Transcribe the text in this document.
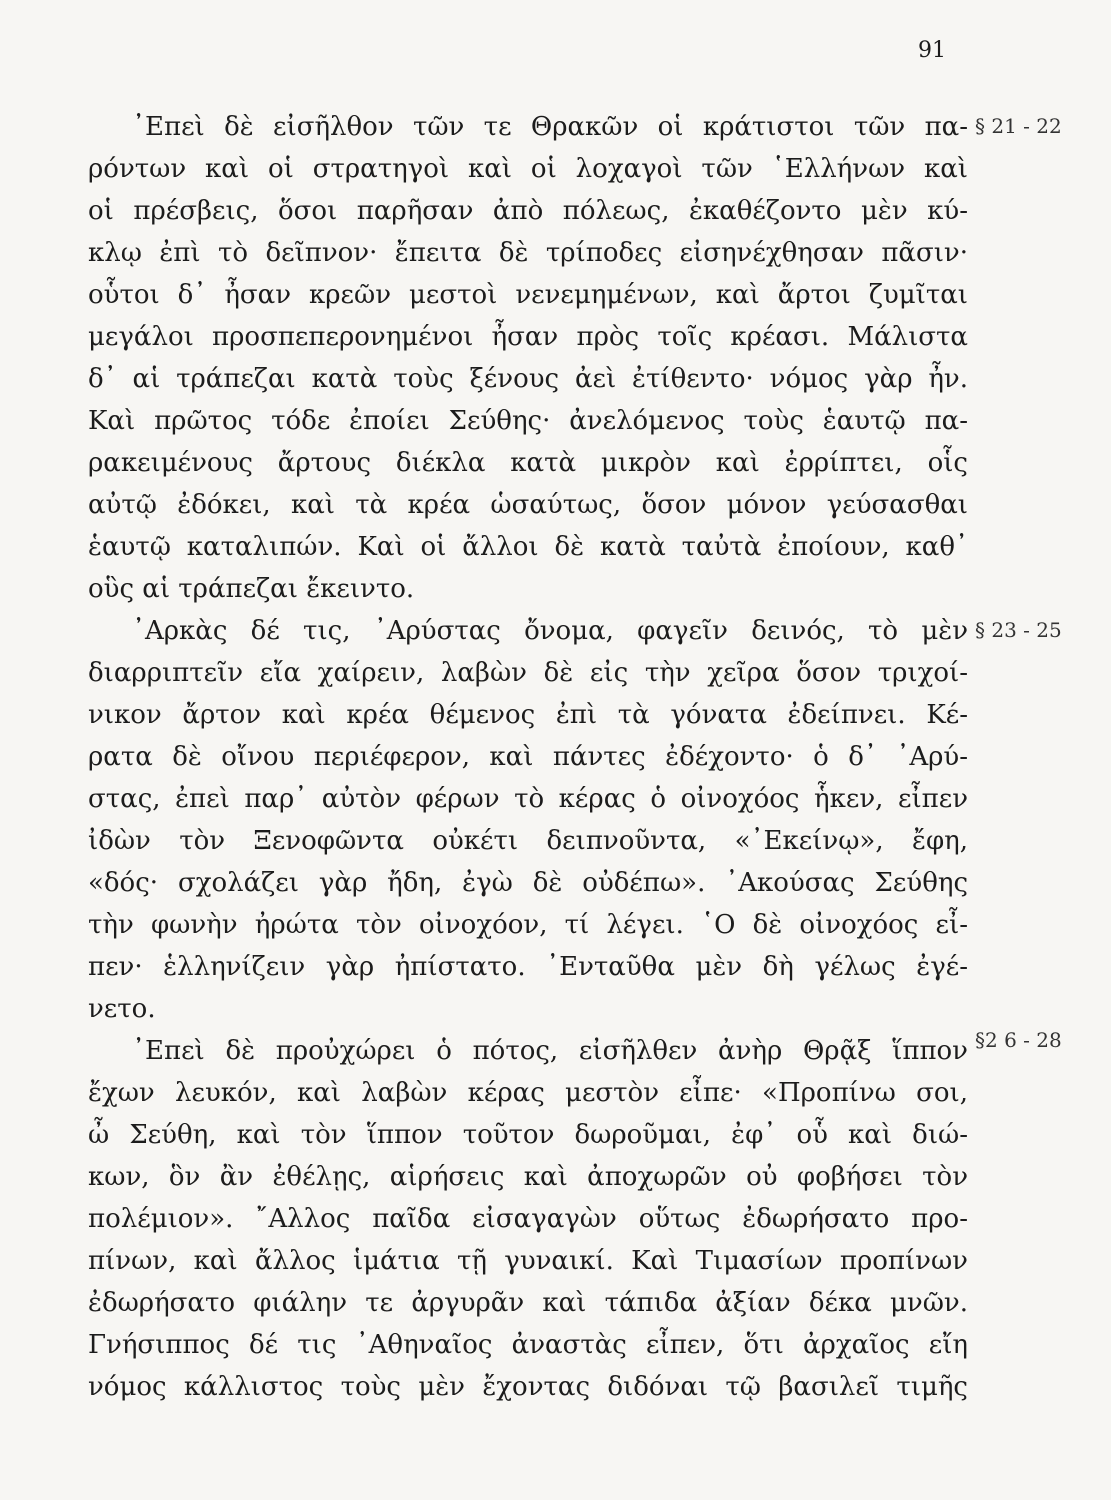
91
§ 21 - 22
§ 23 - 25
§2 6 - 28
᾿Επεὶ δὲ εἰσῆλθον τῶν τε Θρακῶν οἱ κράτιστοι τῶν πα-
ρόντων καὶ οἱ στρατηγοὶ καὶ οἱ λοχαγοὶ τῶν ῾Ελλήνων καὶ
οἱ πρέσβεις, ὅσοι παρῆσαν ἀπὸ πόλεως, ἐκαθέζοντο μὲν κύ-
κλῳ ἐπὶ τὸ δεῖπνον· ἔπειτα δὲ τρίποδες εἰσηνέχθησαν πᾶσιν·
οὗτοι δ᾿ ἦσαν κρεῶν μεστοὶ νενεμημένων, καὶ ἄρτοι ζυμῖται
μεγάλοι προσπεπερονημένοι ἦσαν πρὸς τοῖς κρέασι. Μάλιστα
δ᾿ αἱ τράπεζαι κατὰ τοὺς ξένους ἀεὶ ἐτίθεντο· νόμος γὰρ ἦν.
Καὶ πρῶτος τόδε ἐποίει Σεύθης· ἀνελόμενος τοὺς ἑαυτῷ πα-
ρακειμένους ἄρτους διέκλα κατὰ μικρὸν καὶ ἐρρίπτει, οἷς
αὐτῷ ἐδόκει, καὶ τὰ κρέα ὡσαύτως, ὅσον μόνον γεύσασθαι
ἑαυτῷ καταλιπών. Καὶ οἱ ἄλλοι δὲ κατὰ ταὐτὰ ἐποίουν, καθ᾿
οὓς αἱ τράπεζαι ἔκειντο.
᾿Αρκὰς δέ τις, ᾿Αρύστας ὄνομα, φαγεῖν δεινός, τὸ μὲν
διαρριπτεῖν εἴα χαίρειν, λαβὼν δὲ εἰς τὴν χεῖρα ὅσον τριχοί-
νικον ἄρτον καὶ κρέα θέμενος ἐπὶ τὰ γόνατα ἐδείπνει. Κέ-
ρατα δὲ οἴνου περιέφερον, καὶ πάντες ἐδέχοντο· ὁ δ᾿ ᾿Αρύ-
στας, ἐπεὶ παρ᾿ αὐτὸν φέρων τὸ κέρας ὁ οἰνοχόος ἧκεν, εἶπεν
ἰδὼν τὸν Ξενοφῶντα οὐκέτι δειπνοῦντα, «᾿Εκείνῳ», ἔφη,
«δός· σχολάζει γὰρ ἤδη, ἐγὼ δὲ οὐδέπω». ᾿Ακούσας Σεύθης
τὴν φωνὴν ἠρώτα τὸν οἰνοχόον, τί λέγει. ῾Ο δὲ οἰνοχόος εἶ-
πεν· ἑλληνίζειν γὰρ ἠπίστατο. ᾿Ενταῦθα μὲν δὴ γέλως ἐγέ-
νετο.
᾿Επεὶ δὲ προὐχώρει ὁ πότος, εἰσῆλθεν ἀνὴρ Θρᾷξ ἵππον
ἔχων λευκόν, καὶ λαβὼν κέρας μεστὸν εἶπε· «Προπίνω σοι,
ὦ Σεύθη, καὶ τὸν ἵππον τοῦτον δωροῦμαι, ἐφ᾿ οὗ καὶ διώ-
κων, ὃν ἂν ἐθέλῃς, αἱρήσεις καὶ ἀποχωρῶν οὐ φοβήσει τὸν
πολέμιον». ῎Αλλος παῖδα εἰσαγαγὼν οὕτως ἐδωρήσατο προ-
πίνων, καὶ ἄλλος ἱμάτια τῇ γυναικί. Καὶ Τιμασίων προπίνων
ἐδωρήσατο φιάλην τε ἀργυρᾶν καὶ τάπιδα ἀξίαν δέκα μνῶν.
Γνήσιππος δέ τις ᾿Αθηναῖος ἀναστὰς εἶπεν, ὅτι ἀρχαῖος εἴη
νόμος κάλλιστος τοὺς μὲν ἔχοντας διδόναι τῷ βασιλεῖ τιμῆς
